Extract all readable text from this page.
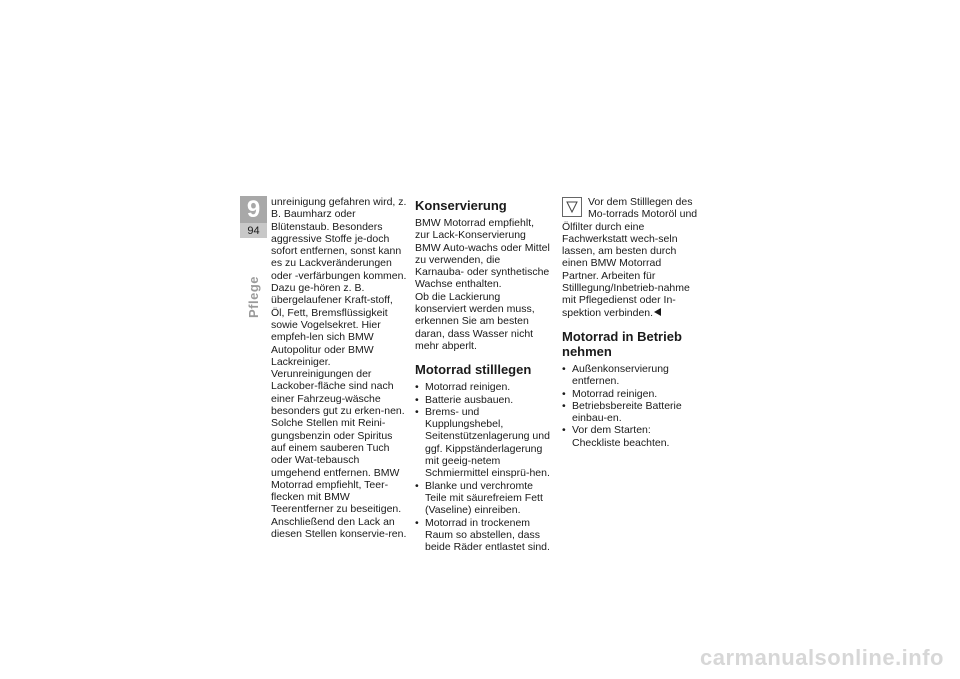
9
94
Pflege

unreinigung gefahren wird, z. B. Baumharz oder Blütenstaub. Besonders aggressive Stoffe je-doch sofort entfernen, sonst kann es zu Lackveränderungen oder -verfärbungen kommen. Dazu ge-hören z. B. übergelaufener Kraft-stoff, Öl, Fett, Bremsflüssigkeit sowie Vogelsekret. Hier empfeh-len sich BMW Autopolitur oder BMW Lackreiniger.

Verunreinigungen der Lackober-fläche sind nach einer Fahrzeug-wäsche besonders gut zu erken-nen. Solche Stellen mit Reini-gungsbenzin oder Spiritus auf einem sauberen Tuch oder Wat-tebausch umgehend entfernen. BMW Motorrad empfiehlt, Teer-flecken mit BMW Teerentferner zu beseitigen. Anschließend den Lack an diesen Stellen konservie-ren.

Konservierung

BMW Motorrad empfiehlt, zur Lack-Konservierung BMW Auto-wachs oder Mittel zu verwenden, die Karnauba- oder synthetische Wachse enthalten.

Ob die Lackierung konserviert werden muss, erkennen Sie am besten daran, dass Wasser nicht mehr abperlt.

Motorrad stilllegen
• Motorrad reinigen.
• Batterie ausbauen.
• Brems- und Kupplungshebel, Seitenstützenlagerung und ggf. Kippständerlagerung mit geeig-netem Schmiermittel einsprü-hen.
• Blanke und verchromte Teile mit säurefreiem Fett (Vaseline) einreiben.
• Motorrad in trockenem Raum so abstellen, dass beide Räder entlastet sind.

Vor dem Stilllegen des Mo-torrads Motoröl und Ölfilter durch eine Fachwerkstatt wech-seln lassen, am besten durch einen BMW Motorrad Partner. Arbeiten für Stilllegung/Inbetrieb-nahme mit Pflegedienst oder In-spektion verbinden.

Motorrad in Betrieb nehmen
• Außenkonservierung entfernen.
• Motorrad reinigen.
• Betriebsbereite Batterie einbau-en.
• Vor dem Starten: Checkliste beachten.
carmanualsonline.info
